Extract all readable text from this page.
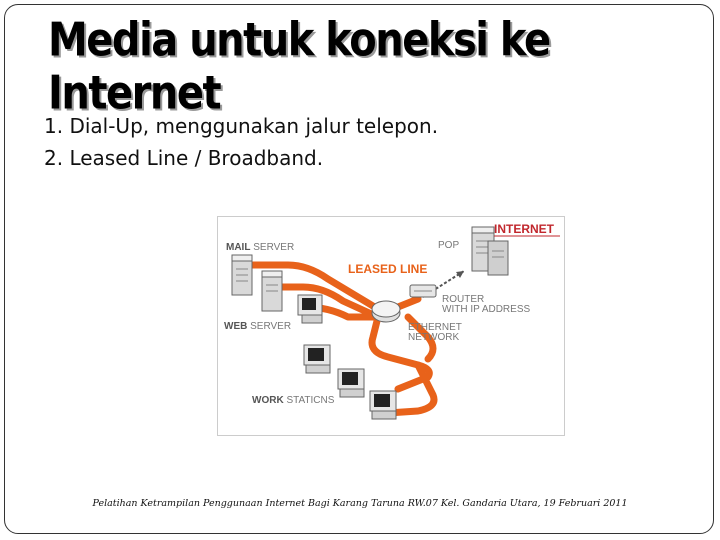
Media untuk koneksi ke Internet
1. Dial-Up, menggunakan jalur telepon.
2. Leased Line / Broadband.
INTERNET
POP
LEASED LINE
MAIL SERVER
WEB SERVER
ROUTER
WITH IP ADDRESS
ETHERNET
NETWORK
WORK STATICNS
Pelatihan Ketrampilan Penggunaan Internet Bagi Karang Taruna RW.07 Kel. Gandaria Utara, 19 Februari 2011
